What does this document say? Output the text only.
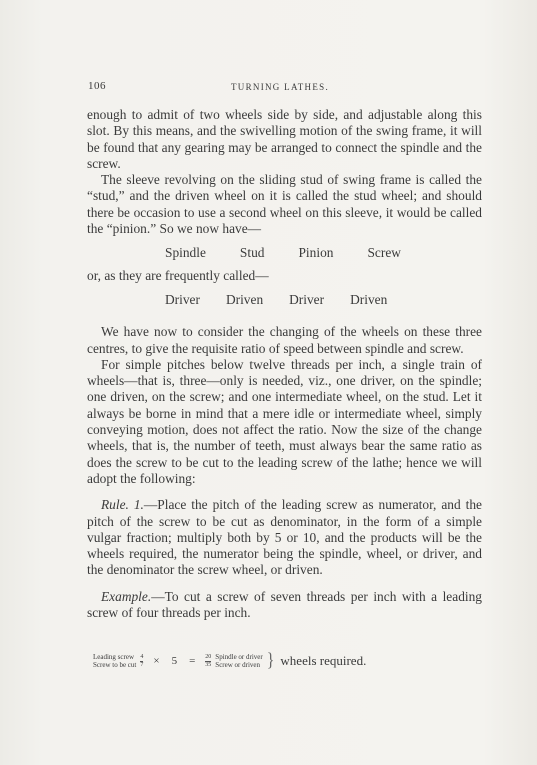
106	TURNING LATHES.

enough to admit of two wheels side by side, and adjustable along this slot. By this means, and the swivelling motion of the swing frame, it will be found that any gearing may be arranged to connect the spindle and the screw.

The sleeve revolving on the sliding stud of swing frame is called the “stud,” and the driven wheel on it is called the stud wheel; and should there be occasion to use a second wheel on this sleeve, it would be called the “pinion.” So we now have—

Spindle	Stud	Pinion	Screw

or, as they are frequently called—

Driver Driven Driver Driven

We have now to consider the changing of the wheels on these three centres, to give the requisite ratio of speed between spindle and screw.

For simple pitches below twelve threads per inch, a single train of wheels—that is, three—only is needed, viz., one driver, on the spindle; one driven, on the screw; and one intermediate wheel, on the stud. Let it always be borne in mind that a mere idle or intermediate wheel, simply conveying motion, does not affect the ratio. Now the size of the change wheels, that is, the number of teeth, must always bear the same ratio as does the screw to be cut to the leading screw of the lathe; hence we will adopt the following:

Rule. 1.—Place the pitch of the leading screw as numerator, and the pitch of the screw to be cut as denominator, in the form of a simple vulgar fraction; multiply both by 5 or 10, and the products will be the wheels required, the numerator being the spindle, wheel, or driver, and the denominator the screw wheel, or driven.

Example.—To cut a screw of seven threads per inch with a leading screw of four threads per inch.

Leading screw
Screw to be cut $\frac{4}{7} \times 5 = \frac{20}{35}$ Spindle or driver
Screw or driven } wheels required.
